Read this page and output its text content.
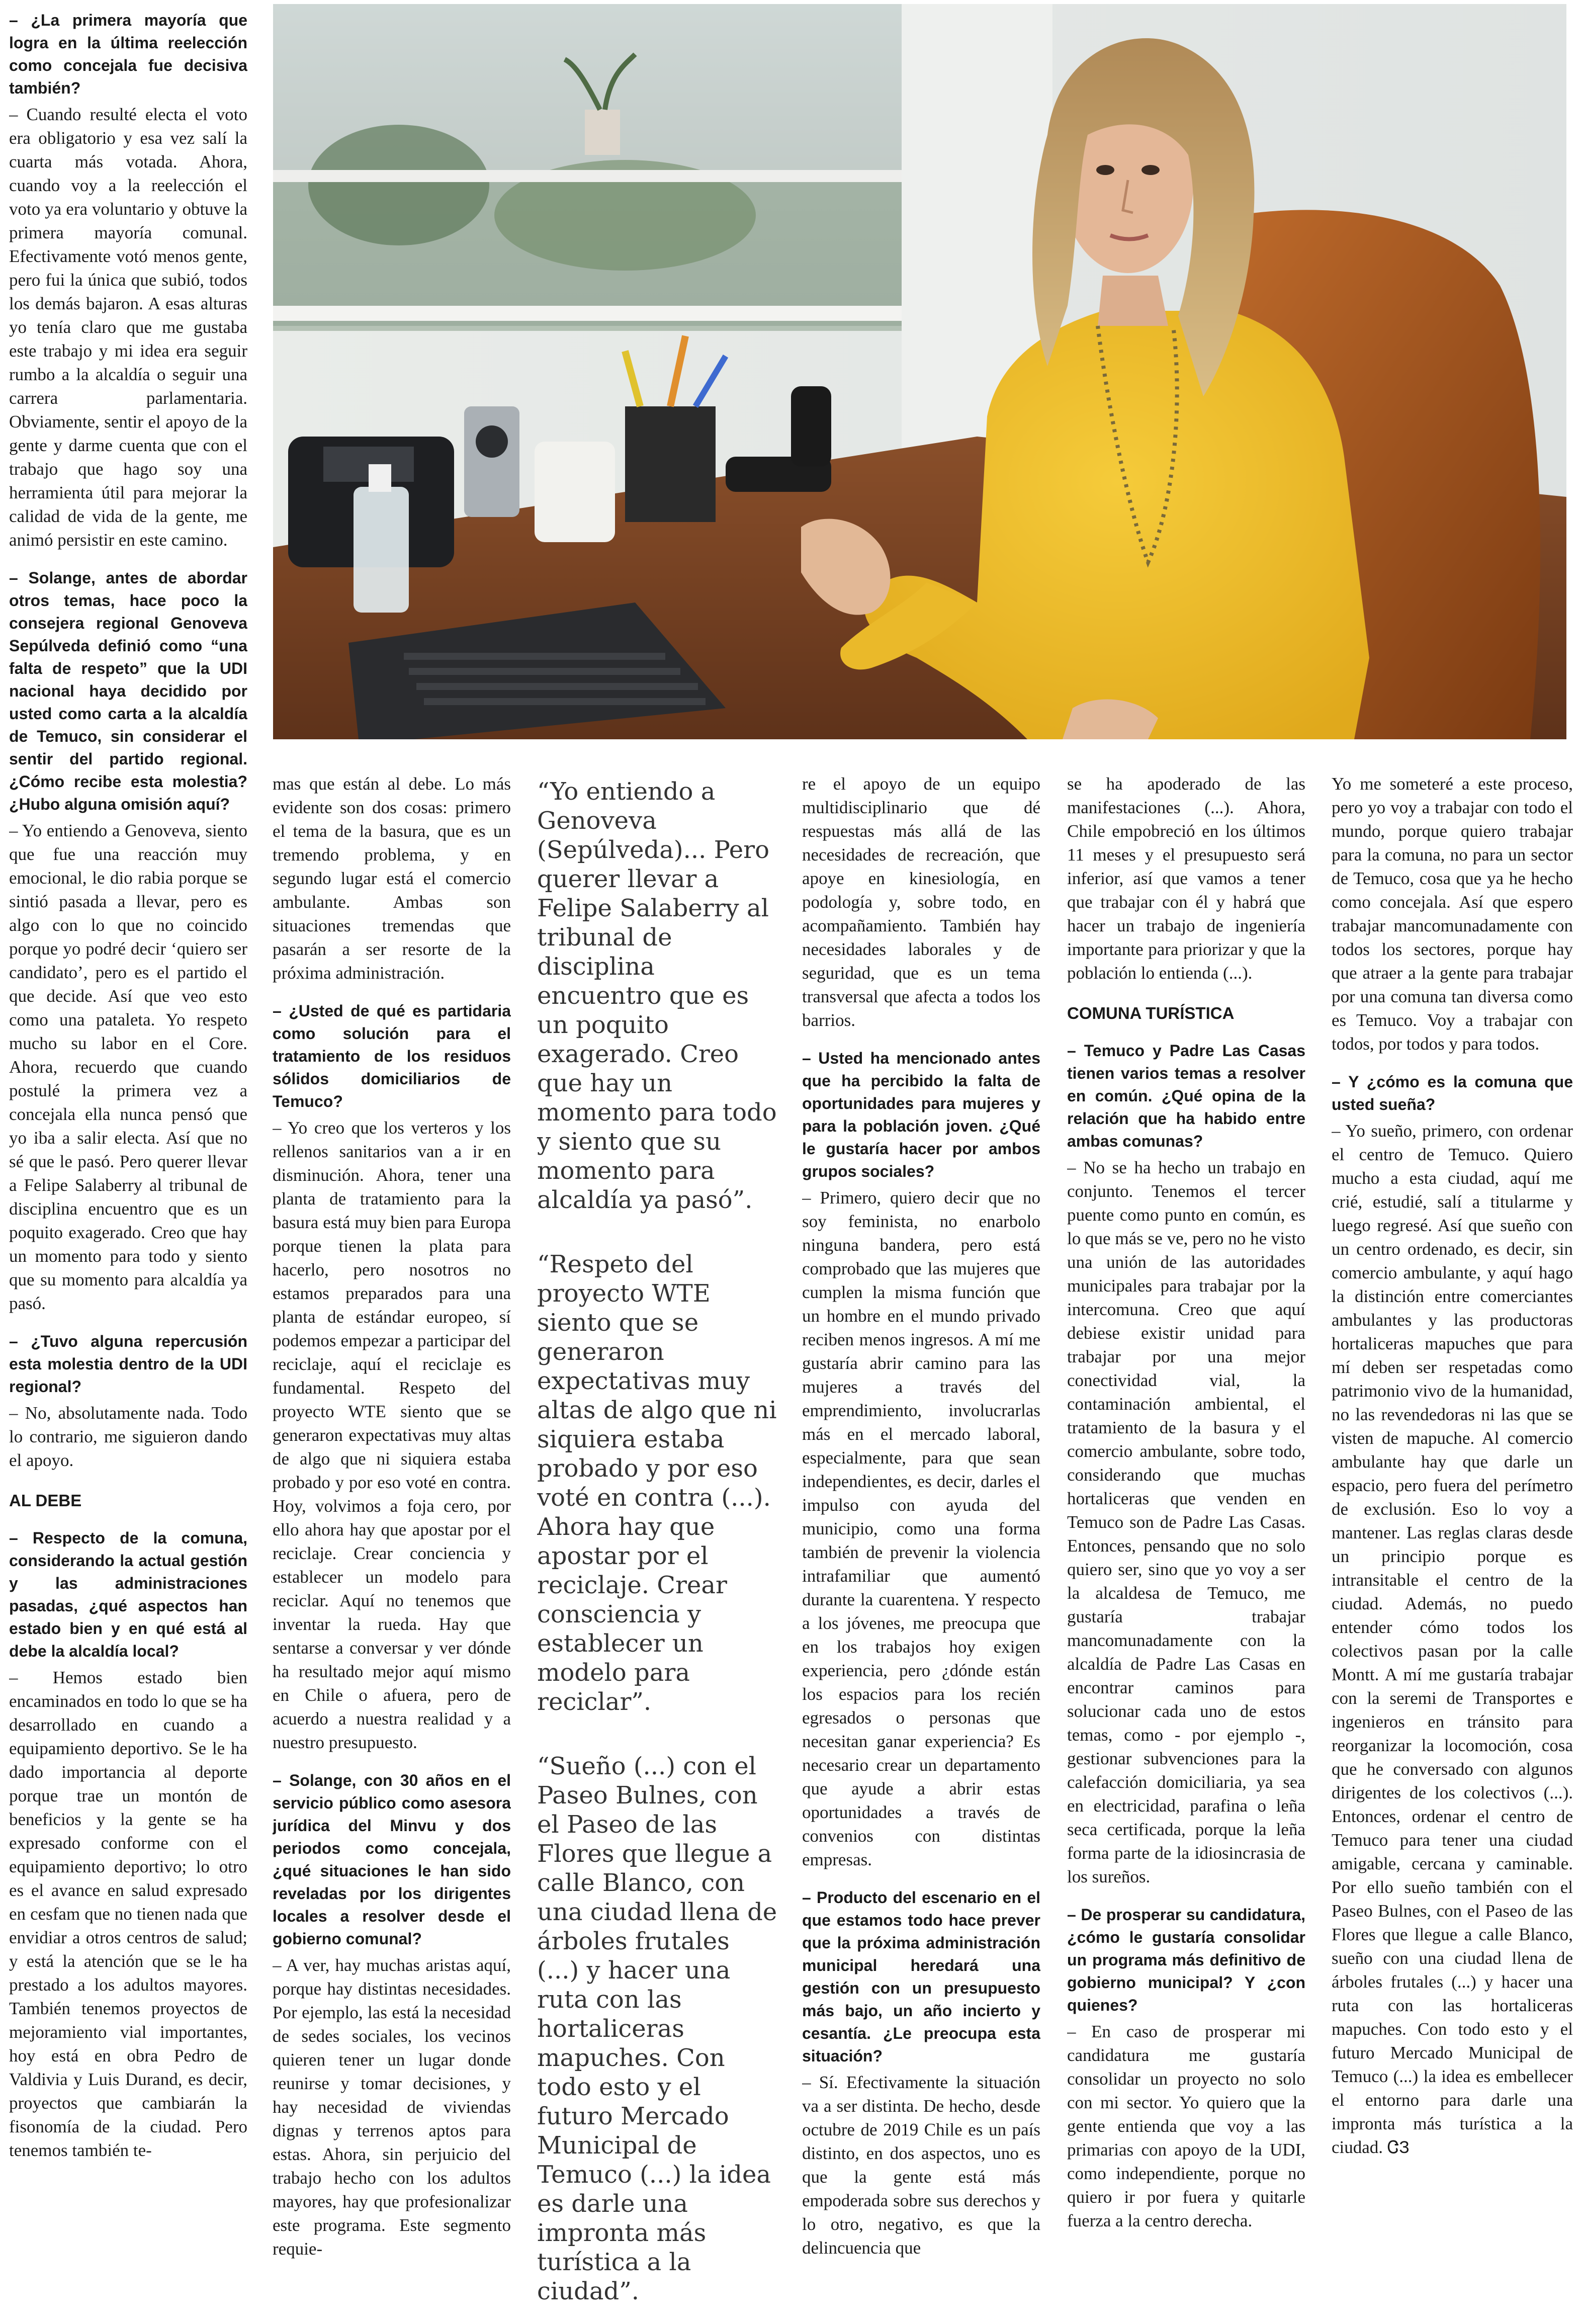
– ¿La primera mayoría que logra en la última reelección como concejala fue decisiva también?

– Cuando resulté electa el voto era obligatorio y esa vez salí la cuarta más votada. Ahora, cuando voy a la reelección el voto ya era voluntario y obtuve la primera mayoría comunal. Efectivamente votó menos gente, pero fui la única que subió, todos los demás bajaron. A esas alturas yo tenía claro que me gustaba este trabajo y mi idea era seguir rumbo a la alcaldía o seguir una carrera parlamentaria. Obviamente, sentir el apoyo de la gente y darme cuenta que con el trabajo que hago soy una herramienta útil para mejorar la calidad de vida de la gente, me animó persistir en este camino.

– Solange, antes de abordar otros temas, hace poco la consejera regional Genoveva Sepúlveda definió como “una falta de respeto” que la UDI nacional haya decidido por usted como carta a la alcaldía de Temuco, sin considerar el sentir del partido regional. ¿Cómo recibe esta molestia? ¿Hubo alguna omisión aquí?

– Yo entiendo a Genoveva, siento que fue una reacción muy emocional, le dio rabia porque se sintió pasada a llevar, pero es algo con lo que no coincido porque yo podré decir ‘quiero ser candidato’, pero es el partido el que decide. Así que veo esto como una pataleta. Yo respeto mucho su labor en el Core. Ahora, recuerdo que cuando postulé la primera vez a concejala ella nunca pensó que yo iba a salir electa. Así que no sé que le pasó. Pero querer llevar a Felipe Salaberry al tribunal de disciplina encuentro que es un poquito exagerado. Creo que hay un momento para todo y siento que su momento para alcaldía ya pasó.

– ¿Tuvo alguna repercusión esta molestia dentro de la UDI regional?

– No, absolutamente nada. Todo lo contrario, me siguieron dando el apoyo.

AL DEBE

– Respecto de la comuna, considerando la actual gestión y las administraciones pasadas, ¿qué aspectos han estado bien y en qué está al debe la alcaldía local?

– Hemos estado bien encaminados en todo lo que se ha desarrollado en cuando a equipamiento deportivo. Se le ha dado importancia al deporte porque trae un montón de beneficios y la gente se ha expresado conforme con el equipamiento deportivo; lo otro es el avance en salud expresado en cesfam que no tienen nada que envidiar a otros centros de salud; y está la atención que se le ha prestado a los adultos mayores. También tenemos proyectos de mejoramiento vial importantes, hoy está en obra Pedro de Valdivia y Luis Durand, es decir, proyectos que cambiarán la fisonomía de la ciudad. Pero tenemos también te-

mas que están al debe. Lo más evidente son dos cosas: primero el tema de la basura, que es un tremendo problema, y en segundo lugar está el comercio ambulante. Ambas son situaciones tremendas que pasarán a ser resorte de la próxima administración.

– ¿Usted de qué es partidaria como solución para el tratamiento de los residuos sólidos domiciliarios de Temuco?

– Yo creo que los verteros y los rellenos sanitarios van a ir en disminución. Ahora, tener una planta de tratamiento para la basura está muy bien para Europa porque tienen la plata para hacerlo, pero nosotros no estamos preparados para una planta de estándar europeo, sí podemos empezar a participar del reciclaje, aquí el reciclaje es fundamental. Respeto del proyecto WTE siento que se generaron expectativas muy altas de algo que ni siquiera estaba probado y por eso voté en contra. Hoy, volvimos a foja cero, por ello ahora hay que apostar por el reciclaje. Crear conciencia y establecer un modelo para reciclar. Aquí no tenemos que inventar la rueda. Hay que sentarse a conversar y ver dónde ha resultado mejor aquí mismo en Chile o afuera, pero de acuerdo a nuestra realidad y a nuestro presupuesto.

– Solange, con 30 años en el servicio público como asesora jurídica del Minvu y dos periodos como concejala, ¿qué situaciones le han sido reveladas por los dirigentes locales a resolver desde el gobierno comunal?

– A ver, hay muchas aristas aquí, porque hay distintas necesidades. Por ejemplo, las está la necesidad de sedes sociales, los vecinos quieren tener un lugar donde reunirse y tomar decisiones, y hay necesidad de viviendas dignas y terrenos aptos para estas. Ahora, sin perjuicio del trabajo hecho con los adultos mayores, hay que profesionalizar este programa. Este segmento requie-

“Yo entiendo a Genoveva (Sepúlveda)... Pero querer llevar a Felipe Salaberry al tribunal de disciplina encuentro que es un poquito exagerado. Creo que hay un momento para todo y siento que su momento para alcaldía ya pasó”.

“Respeto del proyecto WTE siento que se generaron expectativas muy altas de algo que ni siquiera estaba probado y por eso voté en contra (...). Ahora hay que apostar por el reciclaje. Crear consciencia y establecer un modelo para reciclar”.

“Sueño (...) con el Paseo Bulnes, con el Paseo de las Flores que llegue a calle Blanco, con una ciudad llena de árboles frutales (...) y hacer una ruta con las hortaliceras mapuches. Con todo esto y el futuro Mercado Municipal de Temuco (...) la idea es darle una impronta más turística a la ciudad”.

re el apoyo de un equipo multidisciplinario que dé respuestas más allá de las necesidades de recreación, que apoye en kinesiología, en podología y, sobre todo, en acompañamiento. También hay necesidades laborales y de seguridad, que es un tema transversal que afecta a todos los barrios.

– Usted ha mencionado antes que ha percibido la falta de oportunidades para mujeres y para la población joven. ¿Qué le gustaría hacer por ambos grupos sociales?

– Primero, quiero decir que no soy feminista, no enarbolo ninguna bandera, pero está comprobado que las mujeres que cumplen la misma función que un hombre en el mundo privado reciben menos ingresos. A mí me gustaría abrir camino para las mujeres a través del emprendimiento, involucrarlas más en el mercado laboral, especialmente, para que sean independientes, es decir, darles el impulso con ayuda del municipio, como una forma también de prevenir la violencia intrafamiliar que aumentó durante la cuarentena. Y respecto a los jóvenes, me preocupa que en los trabajos hoy exigen experiencia, pero ¿dónde están los espacios para los recién egresados o personas que necesitan ganar experiencia? Es necesario crear un departamento que ayude a abrir estas oportunidades a través de convenios con distintas empresas.

– Producto del escenario en el que estamos todo hace prever que la próxima administración municipal heredará una gestión con un presupuesto más bajo, un año incierto y cesantía. ¿Le preocupa esta situación?

– Sí. Efectivamente la situación va a ser distinta. De hecho, desde octubre de 2019 Chile es un país distinto, en dos aspectos, uno es que la gente está más empoderada sobre sus derechos y lo otro, negativo, es que la delincuencia que

se ha apoderado de las manifestaciones (...). Ahora, Chile empobreció en los últimos 11 meses y el presupuesto será inferior, así que vamos a tener que trabajar con él y habrá que hacer un trabajo de ingeniería importante para priorizar y que la población lo entienda (...).

COMUNA TURÍSTICA

– Temuco y Padre Las Casas tienen varios temas a resolver en común. ¿Qué opina de la relación que ha habido entre ambas comunas?

– No se ha hecho un trabajo en conjunto. Tenemos el tercer puente como punto en común, es lo que más se ve, pero no he visto una unión de las autoridades municipales para trabajar por la intercomuna. Creo que aquí debiese existir unidad para trabajar por una mejor conectividad vial, la contaminación ambiental, el tratamiento de la basura y el comercio ambulante, sobre todo, considerando que muchas hortaliceras que venden en Temuco son de Padre Las Casas. Entonces, pensando que no solo quiero ser, sino que yo voy a ser la alcaldesa de Temuco, me gustaría trabajar mancomunadamente con la alcaldía de Padre Las Casas en encontrar caminos para solucionar cada uno de estos temas, como - por ejemplo -, gestionar subvenciones para la calefacción domiciliaria, ya sea en electricidad, parafina o leña seca certificada, porque la leña forma parte de la idiosincrasia de los sureños.

– De prosperar su candidatura, ¿cómo le gustaría consolidar un programa más definitivo de gobierno municipal? Y ¿con quienes?

– En caso de prosperar mi candidatura me gustaría consolidar un proyecto no solo con mi sector. Yo quiero que la gente entienda que voy a las primarias con apoyo de la UDI, como independiente, porque no quiero ir por fuera y quitarle fuerza a la centro derecha.

Yo me someteré a este proceso, pero yo voy a trabajar con todo el mundo, porque quiero trabajar para la comuna, no para un sector de Temuco, cosa que ya he hecho como concejala. Así que espero trabajar mancomunadamente con todos los sectores, porque hay que atraer a la gente para trabajar por una comuna tan diversa como es Temuco. Voy a trabajar con todos, por todos y para todos.

– Y ¿cómo es la comuna que usted sueña?

– Yo sueño, primero, con ordenar el centro de Temuco. Quiero mucho a esta ciudad, aquí me crié, estudié, salí a titularme y luego regresé. Así que sueño con un centro ordenado, es decir, sin comercio ambulante, y aquí hago la distinción entre comerciantes ambulantes y las productoras hortaliceras mapuches que para mí deben ser respetadas como patrimonio vivo de la humanidad, no las revendedoras ni las que se visten de mapuche. Al comercio ambulante hay que darle un espacio, pero fuera del perímetro de exclusión. Eso lo voy a mantener. Las reglas claras desde un principio porque es intransitable el centro de la ciudad. Además, no puedo entender cómo todos los colectivos pasan por la calle Montt. A mí me gustaría trabajar con la seremi de Transportes e ingenieros en tránsito para reorganizar la locomoción, cosa que he conversado con algunos dirigentes de los colectivos (...). Entonces, ordenar el centro de Temuco para tener una ciudad amigable, cercana y caminable. Por ello sueño también con el Paseo Bulnes, con el Paseo de las Flores que llegue a calle Blanco, sueño con una ciudad llena de árboles frutales (...) y hacer una ruta con las hortaliceras mapuches. Con todo esto y el futuro Mercado Municipal de Temuco (...) la idea es embellecer el entorno para darle una impronta más turística a la ciudad. ᏣЗ
